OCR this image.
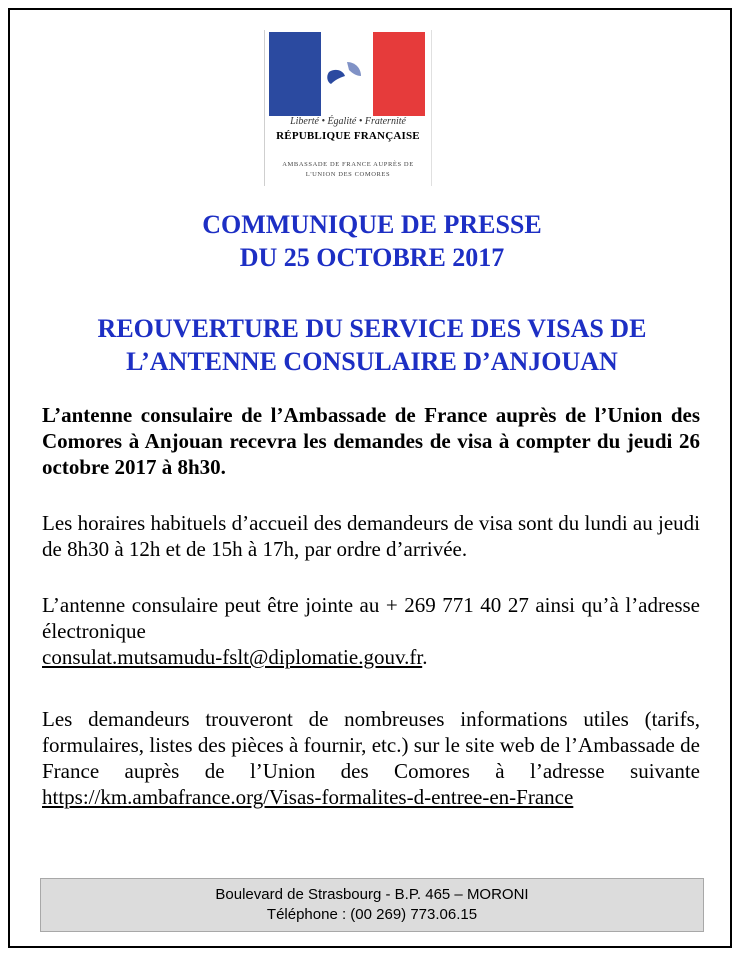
Liberté • Égalité • Fraternité
RÉPUBLIQUE FRANÇAISE
AMBASSADE DE FRANCE AUPRÈS DE L'UNION DES COMORES
COMMUNIQUE DE PRESSE
DU 25 OCTOBRE 2017
REOUVERTURE DU SERVICE DES VISAS DE
L’ANTENNE CONSULAIRE D’ANJOUAN

L’antenne consulaire de l’Ambassade de France auprès de l’Union des Comores à Anjouan recevra les demandes de visa à compter du jeudi 26 octobre 2017 à 8h30.

Les horaires habituels d’accueil des demandeurs de visa sont du lundi au jeudi de 8h30 à 12h et de 15h à 17h, par ordre d’arrivée.

L’antenne consulaire peut être jointe au + 269 771 40 27 ainsi qu’à l’adresse électronique
consulat.mutsamudu-fslt@diplomatie.gouv.fr.

Les demandeurs trouveront de nombreuses informations utiles (tarifs, formulaires, listes des pièces à fournir, etc.) sur le site web de l’Ambassade de France auprès de l’Union des Comores à l’adresse suivante https://km.ambafrance.org/Visas-formalites-d-entree-en-France

Boulevard de Strasbourg - B.P. 465 – MORONI
Téléphone : (00 269) 773.06.15
